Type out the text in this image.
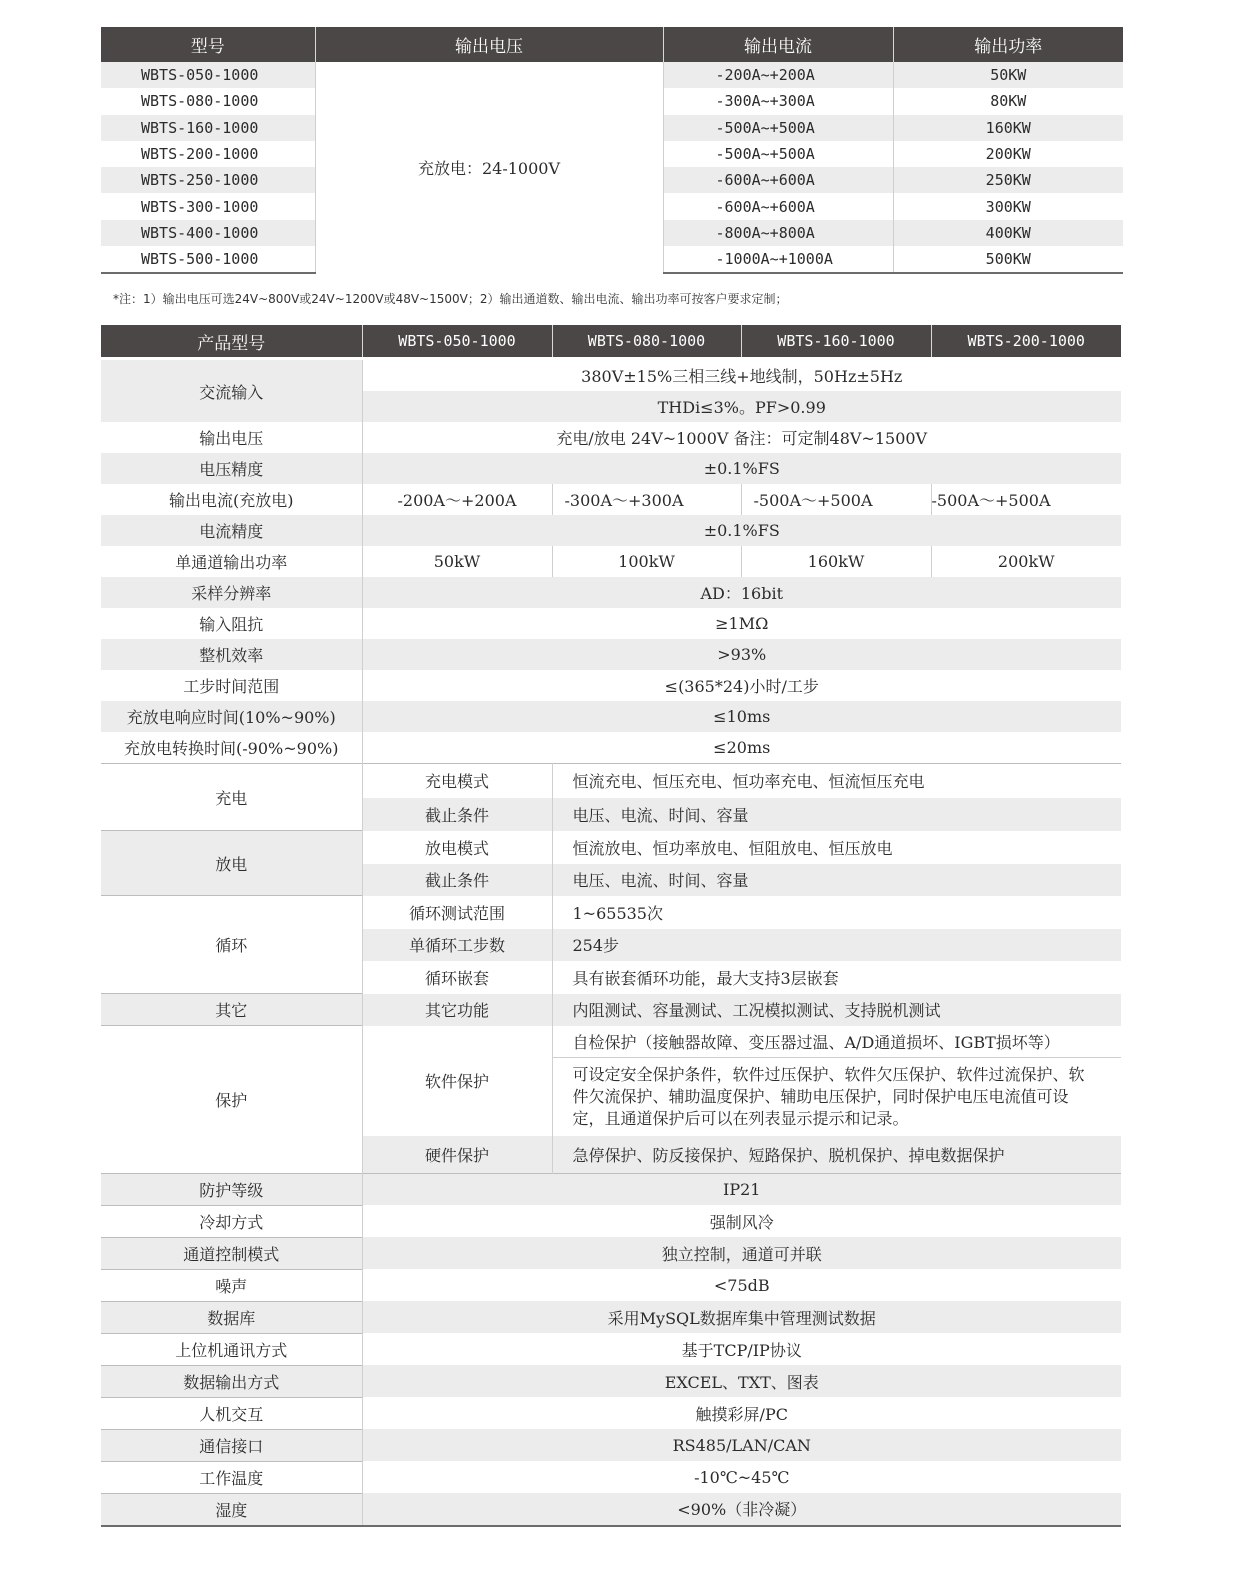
型号	输出电压	输出电流	输出功率
WBTS-050-1000	充放电：24-1000V	-200A~+200A	50KW
WBTS-080-1000		-300A~+300A	80KW
WBTS-160-1000		-500A~+500A	160KW
WBTS-200-1000		-500A~+500A	200KW
WBTS-250-1000		-600A~+600A	250KW
WBTS-300-1000		-600A~+600A	300KW
WBTS-400-1000		-800A~+800A	400KW
WBTS-500-1000		-1000A~+1000A	500KW
*注：1）输出电压可选24V~800V或24V~1200V或48V~1500V；2）输出通道数、输出电流、输出功率可按客户要求定制；
产品型号	WBTS-050-1000	WBTS-080-1000	WBTS-160-1000	WBTS-200-1000

交流输入	380V±15%三相三线+地线制，50Hz±5Hz			
	THDi≤3%。PF>0.99			
输出电压	充电/放电 24V~1000V 备注：可定制48V~1500V			
电压精度	±0.1%FS			
输出电流(充放电)	-200A～+200A	-300A～+300A	-500A～+500A	-500A～+500A
电流精度	±0.1%FS			
单通道输出功率	50kW	100kW	160kW	200kW
采样分辨率	AD：16bit			
输入阻抗	≥1MΩ			
整机效率	>93%			
工步时间范围	≤(365*24)小时/工步			
充放电响应时间(10%~90%)	≤10ms			
充放电转换时间(-90%~90%)	≤20ms			
充电	充电模式	恒流充电、恒压充电、恒功率充电、恒流恒压充电		
	截止条件	电压、电流、时间、容量		
放电	放电模式	恒流放电、恒功率放电、恒阻放电、恒压放电		
	截止条件	电压、电流、时间、容量		
循环	循环测试范围	1~65535次		
	单循环工步数	254步		
	循环嵌套	具有嵌套循环功能，最大支持3层嵌套		
其它	其它功能	内阻测试、容量测试、工况模拟测试、支持脱机测试		
保护	软件保护	自检保护（接触器故障、变压器过温、A/D通道损坏、IGBT损坏等）		
		可设定安全保护条件，软件过压保护、软件欠压保护、软件过流保护、软件欠流保护、辅助温度保护、辅助电压保护，同时保护电压电流值可设定，且通道保护后可以在列表显示提示和记录。		
	硬件保护	急停保护、防反接保护、短路保护、脱机保护、掉电数据保护		
防护等级	IP21			
冷却方式	强制风冷			
通道控制模式	独立控制，通道可并联			
噪声	<75dB			
数据库	采用MySQL数据库集中管理测试数据			
上位机通讯方式	基于TCP/IP协议			
数据输出方式	EXCEL、TXT、图表			
人机交互	触摸彩屏/PC			
通信接口	RS485/LAN/CAN			
工作温度	-10℃~45℃			
湿度	<90%（非冷凝）			
